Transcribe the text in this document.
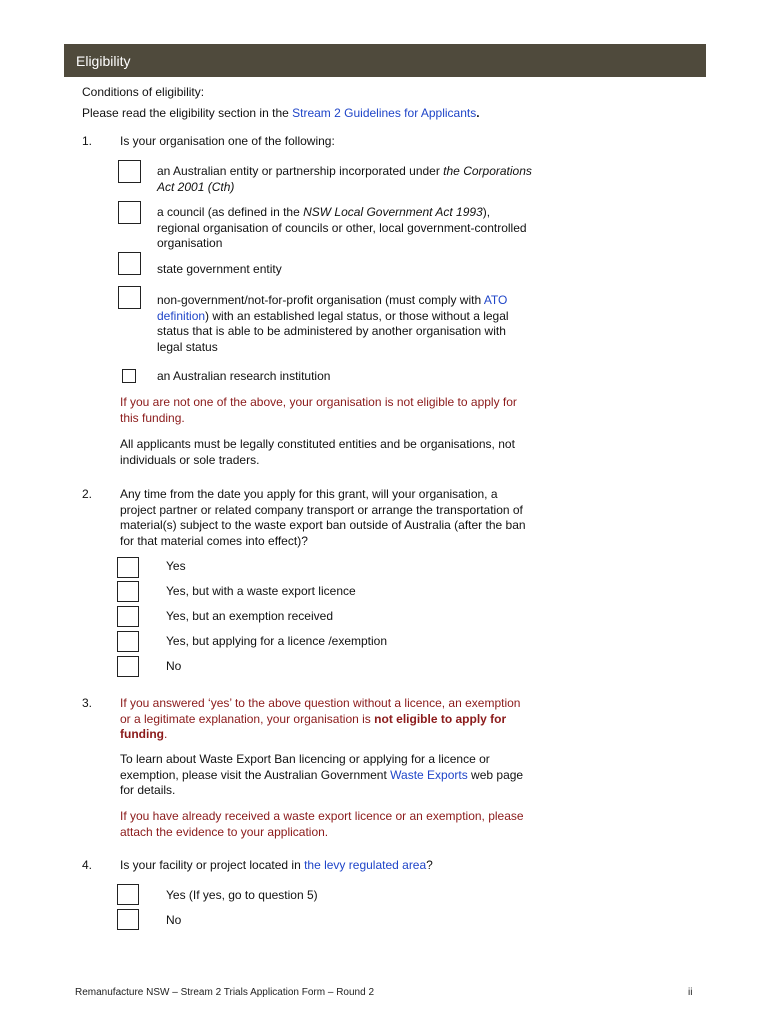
Eligibility
Conditions of eligibility:
Please read the eligibility section in the Stream 2 Guidelines for Applicants.
1. Is your organisation one of the following:
an Australian entity or partnership incorporated under the Corporations
Act 2001 (Cth)
a council (as defined in the NSW Local Government Act 1993),
regional organisation of councils or other, local government-controlled
organisation
state government entity
non-government/not-for-profit organisation (must comply with ATO
definition) with an established legal status, or those without a legal
status that is able to be administered by another organisation with
legal status
an Australian research institution
If you are not one of the above, your organisation is not eligible to apply for
this funding.
All applicants must be legally constituted entities and be organisations, not
individuals or sole traders.
2. Any time from the date you apply for this grant, will your organisation, a
project partner or related company transport or arrange the transportation of
material(s) subject to the waste export ban outside of Australia (after the ban
for that material comes into effect)?
Yes
Yes, but with a waste export licence
Yes, but an exemption received
Yes, but applying for a licence /exemption
No
3. If you answered ‘yes’ to the above question without a licence, an exemption
or a legitimate explanation, your organisation is not eligible to apply for
funding.
To learn about Waste Export Ban licencing or applying for a licence or
exemption, please visit the Australian Government Waste Exports web page
for details.
If you have already received a waste export licence or an exemption, please
attach the evidence to your application.
4. Is your facility or project located in the levy regulated area?
Yes (If yes, go to question 5)
No
Remanufacture NSW – Stream 2 Trials Application Form – Round 2	ii
